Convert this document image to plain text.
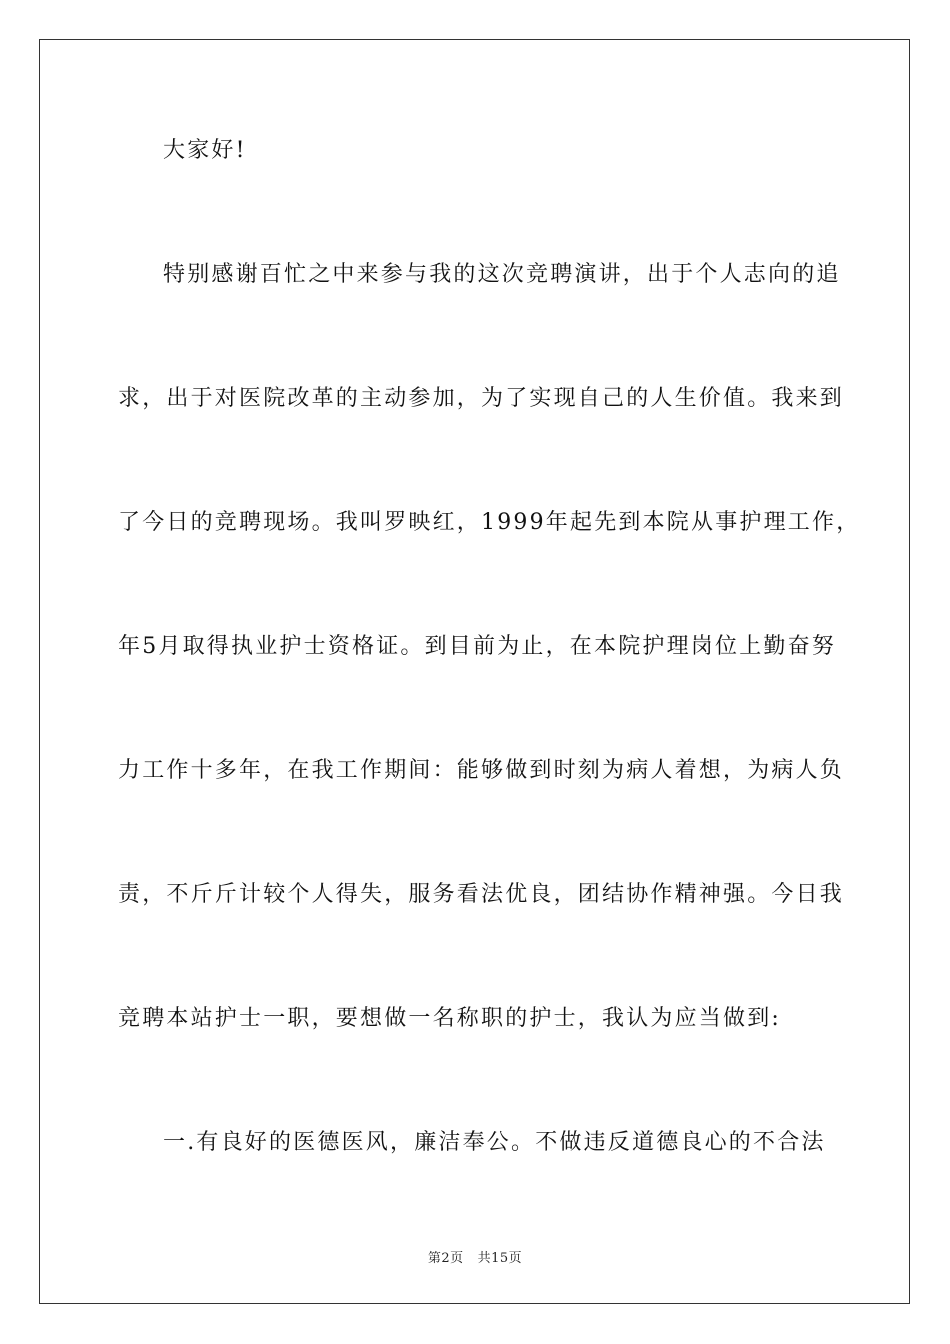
大家好!
特别感谢百忙之中来参与我的这次竞聘演讲，出于个人志向的追
求，出于对医院改革的主动参加，为了实现自己的人生价值。我来到
了今日的竞聘现场。我叫罗映红，1999年起先到本院从事护理工作，
年5月取得执业护士资格证。到目前为止，在本院护理岗位上勤奋努
力工作十多年，在我工作期间：能够做到时刻为病人着想，为病人负
责，不斤斤计较个人得失，服务看法优良，团结协作精神强。今日我
竞聘本站护士一职，要想做一名称职的护士，我认为应当做到:
一.有良好的医德医风，廉洁奉公。不做违反道德良心的不合法
第2页 共15页
